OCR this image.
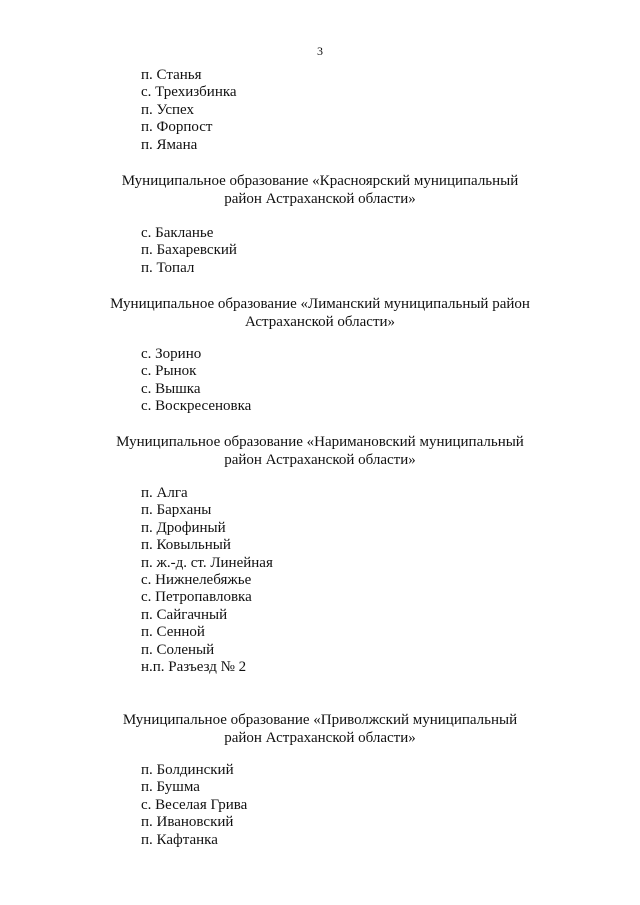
3
п. Станья
с. Трехизбинка
п. Успех
п. Форпост
п. Ямана
Муниципальное образование «Красноярский муниципальный район Астраханской области»
с. Бакланье
п. Бахаревский
п. Топал
Муниципальное образование «Лиманский муниципальный район Астраханской области»
с. Зорино
с. Рынок
с. Вышка
с. Воскресеновка
Муниципальное образование «Наримановский муниципальный район Астраханской области»
п. Алга
п. Барханы
п. Дрофиный
п. Ковыльный
п. ж.-д. ст. Линейная
с. Нижнелебяжье
с. Петропавловка
п. Сайгачный
п. Сенной
п. Соленый
н.п. Разъезд № 2
Муниципальное образование «Приволжский муниципальный район Астраханской области»
п. Болдинский
п. Бушма
с. Веселая Грива
п. Ивановский
п. Кафтанка
